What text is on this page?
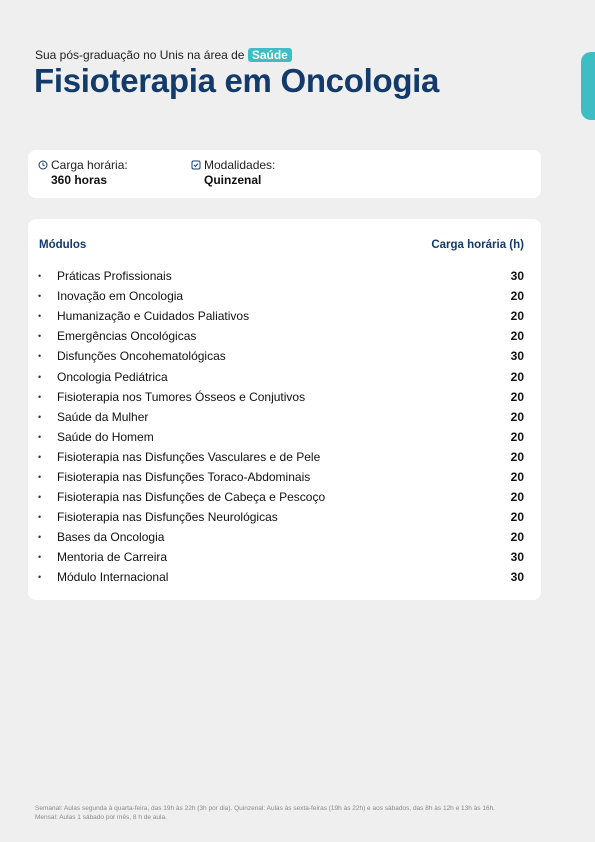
Sua pós-graduação no Unis na área de Saúde
Fisioterapia em Oncologia
Carga horária:
360 horas
Modalidades:
Quinzenal
Módulos	Carga horária (h)
•	Práticas Profissionais	30
•	Inovação em Oncologia	20
•	Humanização e Cuidados Paliativos	20
•	Emergências Oncológicas	20
•	Disfunções Oncohematológicas	30
•	Oncologia Pediátrica	20
•	Fisioterapia nos Tumores Ósseos e Conjutivos	20
•	Saúde da Mulher	20
•	Saúde do Homem	20
•	Fisioterapia nas Disfunções Vasculares e de Pele	20
•	Fisioterapia nas Disfunções Toraco-Abdominais	20
•	Fisioterapia nas Disfunções de Cabeça e Pescoço	20
•	Fisioterapia nas Disfunções Neurológicas	20
•	Bases da Oncologia	20
•	Mentoria de Carreira	30
•	Módulo Internacional	30
Semanal: Aulas segunda à quarta-feira, das 19h às 22h (3h por dia). Quinzenal: Aulas às sexta-feiras (19h às 22h) e aos sábados, das 8h às 12h e 13h às 16h.
Mensal: Aulas 1 sábado por mês, 8 h de aula.
